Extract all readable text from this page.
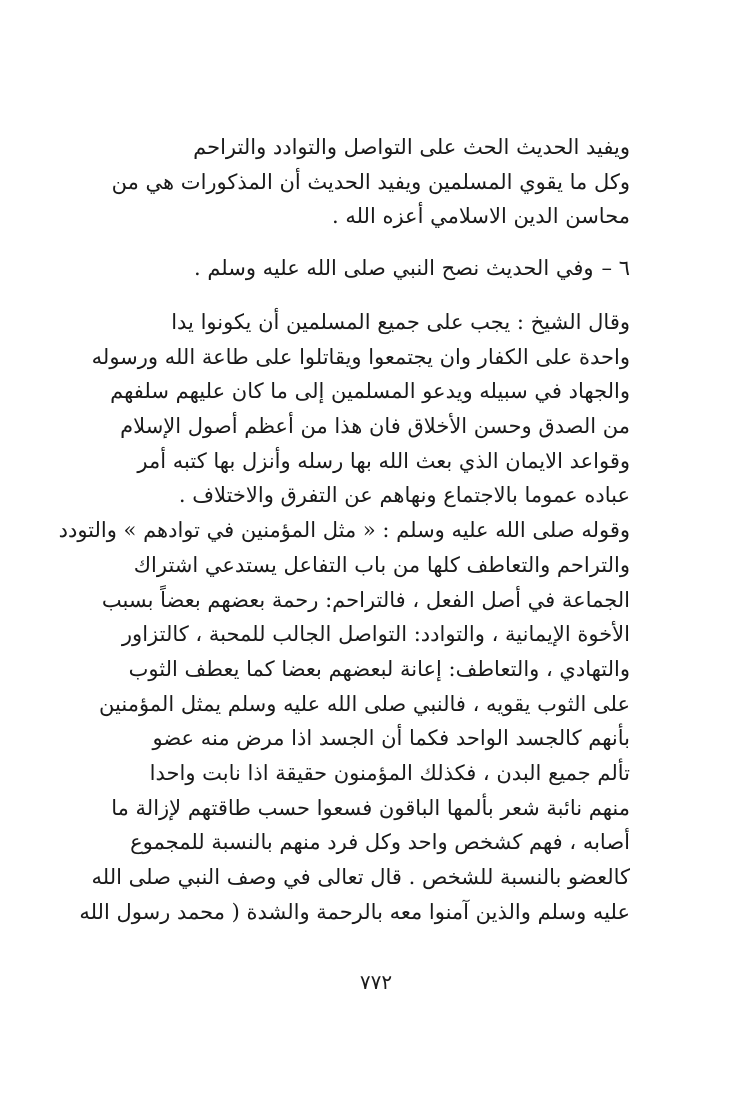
ويفيد الحديث الحث على التواصل والتوادد والتراحم
وكل ما يقوي المسلمين ويفيد الحديث أن المذكورات هي من
محاسن الدين الاسلامي أعزه الله .
٦ –وفي الحديث نصح النبي صلى الله عليه وسلم .
وقال الشيخ : يجب على جميع المسلمين أن يكونوا يدا
واحدة على الكفار وان يجتمعوا ويقاتلوا على طاعة الله ورسوله
والجهاد في سبيله ويدعو المسلمين إلى ما كان عليهم سلفهم
من الصدق وحسن الأخلاق فان هذا من أعظم أصول الإسلام
وقواعد الايمان الذي بعث الله بها رسله وأنزل بها كتبه أمر
عباده عموما بالاجتماع ونهاهم عن التفرق والاختلاف .
وقوله صلى الله عليه وسلم : « مثل المؤمنين في توادهم » والتودد
والتراحم والتعاطف كلها من باب التفاعل يستدعي اشتراك
الجماعة في أصل الفعل ، فالتراحم: رحمة بعضهم بعضاً بسبب
الأخوة الإيمانية ، والتوادد: التواصل الجالب للمحبة ، كالتزاور
والتهادي ، والتعاطف: إعانة لبعضهم بعضا كما يعطف الثوب
على الثوب يقويه ، فالنبي صلى الله عليه وسلم يمثل المؤمنين
بأنهم كالجسد الواحد فكما أن الجسد اذا مرض منه عضو
تألم جميع البدن ، فكذلك المؤمنون حقيقة اذا نابت واحدا
منهم نائبة شعر بألمها الباقون فسعوا حسب طاقتهم لإزالة ما
أصابه ، فهم كشخص واحد وكل فرد منهم بالنسبة للمجموع
كالعضو بالنسبة للشخص . قال تعالى في وصف النبي صلى الله
عليه وسلم والذين آمنوا معه بالرحمة والشدة ( محمد رسول الله
٧٧٢
